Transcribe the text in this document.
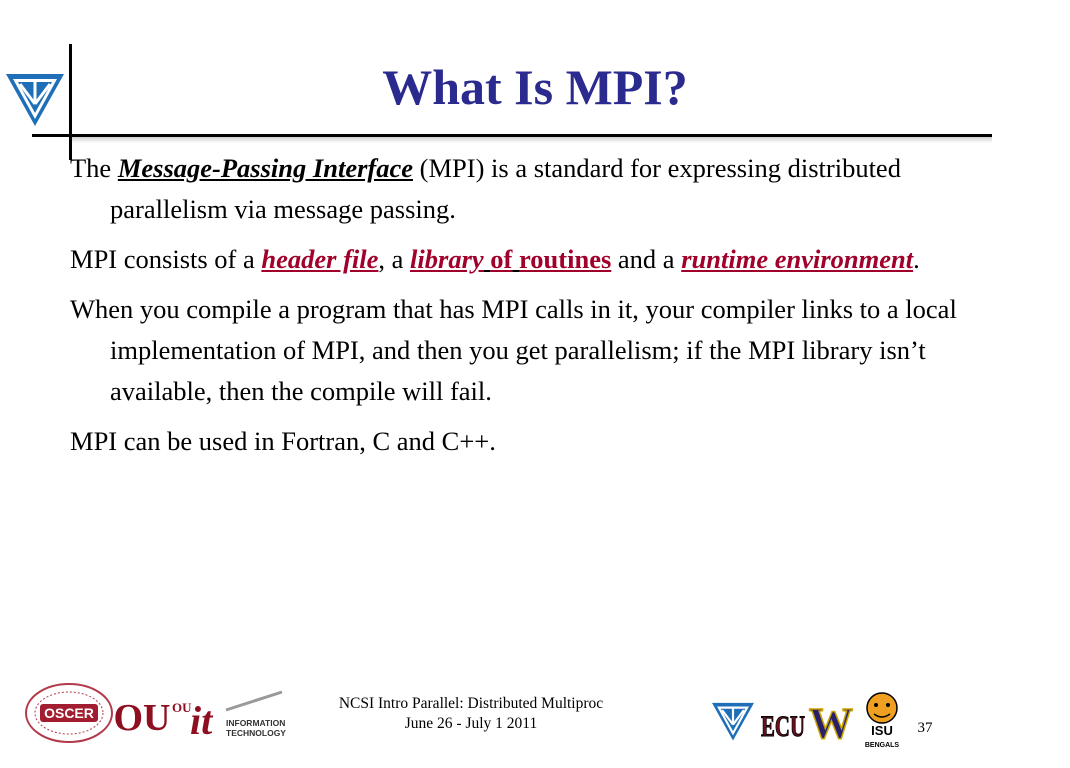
What Is MPI?

The Message-Passing Interface (MPI) is a standard for expressing distributed parallelism via message passing.

MPI consists of a header file, a library of routines and a runtime environment.

When you compile a program that has MPI calls in it, your compiler links to a local implementation of MPI, and then you get parallelism; if the MPI library isn’t available, then the compile will fail.

MPI can be used in Fortran, C and C++.

OSCER OU OU
it INFORMATION
TECHNOLOGY
NCSI Intro Parallel: Distributed Multiproc
June 26 - July 1 2011	ECU W ISU
BENGALS
37
